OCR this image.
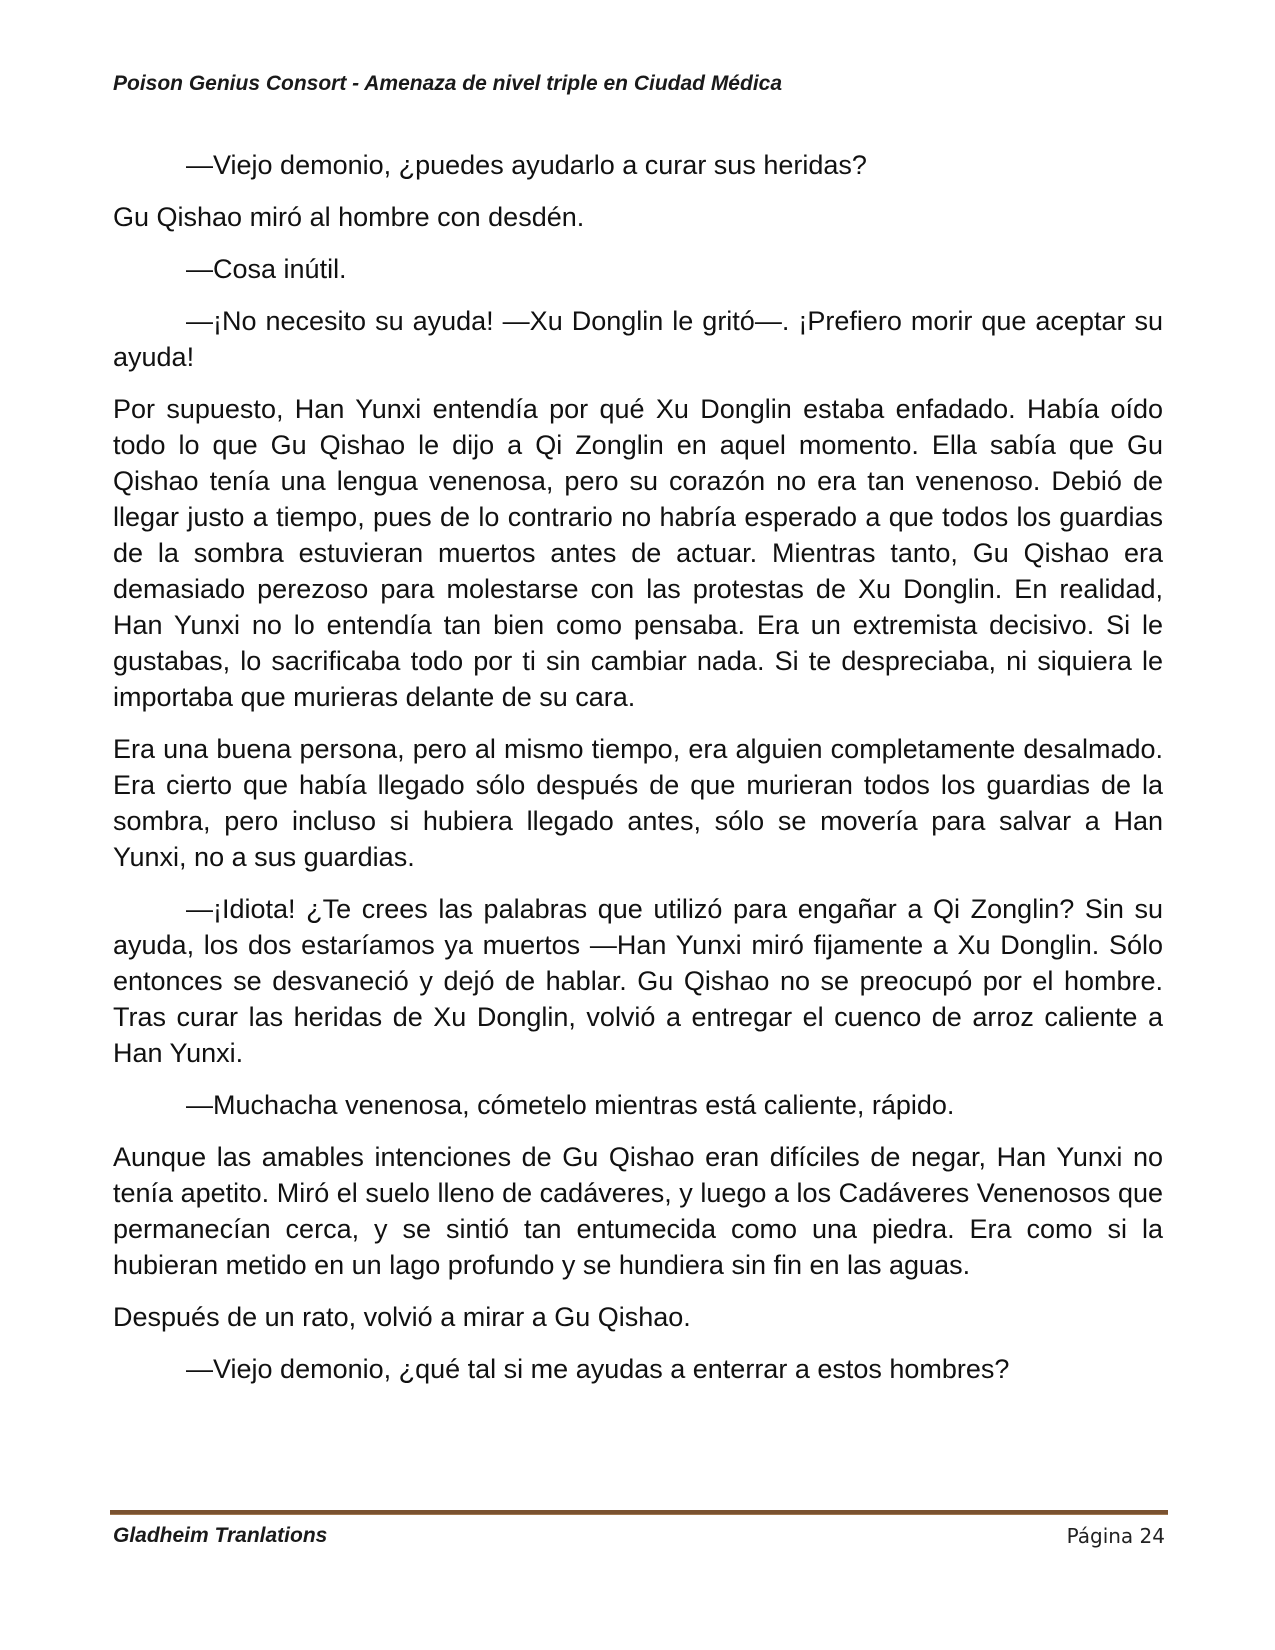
Poison Genius Consort - Amenaza de nivel triple en Ciudad Médica

—Viejo demonio, ¿puedes ayudarlo a curar sus heridas?

Gu Qishao miró al hombre con desdén.

—Cosa inútil.

—¡No necesito su ayuda! —Xu Donglin le gritó—. ¡Prefiero morir que aceptar su ayuda!

Por supuesto, Han Yunxi entendía por qué Xu Donglin estaba enfadado. Había oído todo lo que Gu Qishao le dijo a Qi Zonglin en aquel momento. Ella sabía que Gu Qishao tenía una lengua venenosa, pero su corazón no era tan venenoso. Debió de llegar justo a tiempo, pues de lo contrario no habría esperado a que todos los guardias de la sombra estuvieran muertos antes de actuar. Mientras tanto, Gu Qishao era demasiado perezoso para molestarse con las protestas de Xu Donglin. En realidad, Han Yunxi no lo entendía tan bien como pensaba. Era un extremista decisivo. Si le gustabas, lo sacrificaba todo por ti sin cambiar nada. Si te despreciaba, ni siquiera le importaba que murieras delante de su cara.

Era una buena persona, pero al mismo tiempo, era alguien completamente desalmado. Era cierto que había llegado sólo después de que murieran todos los guardias de la sombra, pero incluso si hubiera llegado antes, sólo se movería para salvar a Han Yunxi, no a sus guardias.

—¡Idiota! ¿Te crees las palabras que utilizó para engañar a Qi Zonglin? Sin su ayuda, los dos estaríamos ya muertos —Han Yunxi miró fijamente a Xu Donglin. Sólo entonces se desvaneció y dejó de hablar. Gu Qishao no se preocupó por el hombre. Tras curar las heridas de Xu Donglin, volvió a entregar el cuenco de arroz caliente a Han Yunxi.

—Muchacha venenosa, cómetelo mientras está caliente, rápido.

Aunque las amables intenciones de Gu Qishao eran difíciles de negar, Han Yunxi no tenía apetito. Miró el suelo lleno de cadáveres, y luego a los Cadáveres Venenosos que permanecían cerca, y se sintió tan entumecida como una piedra. Era como si la hubieran metido en un lago profundo y se hundiera sin fin en las aguas.

Después de un rato, volvió a mirar a Gu Qishao.

—Viejo demonio, ¿qué tal si me ayudas a enterrar a estos hombres?

Gladheim Tranlations	Página 24
